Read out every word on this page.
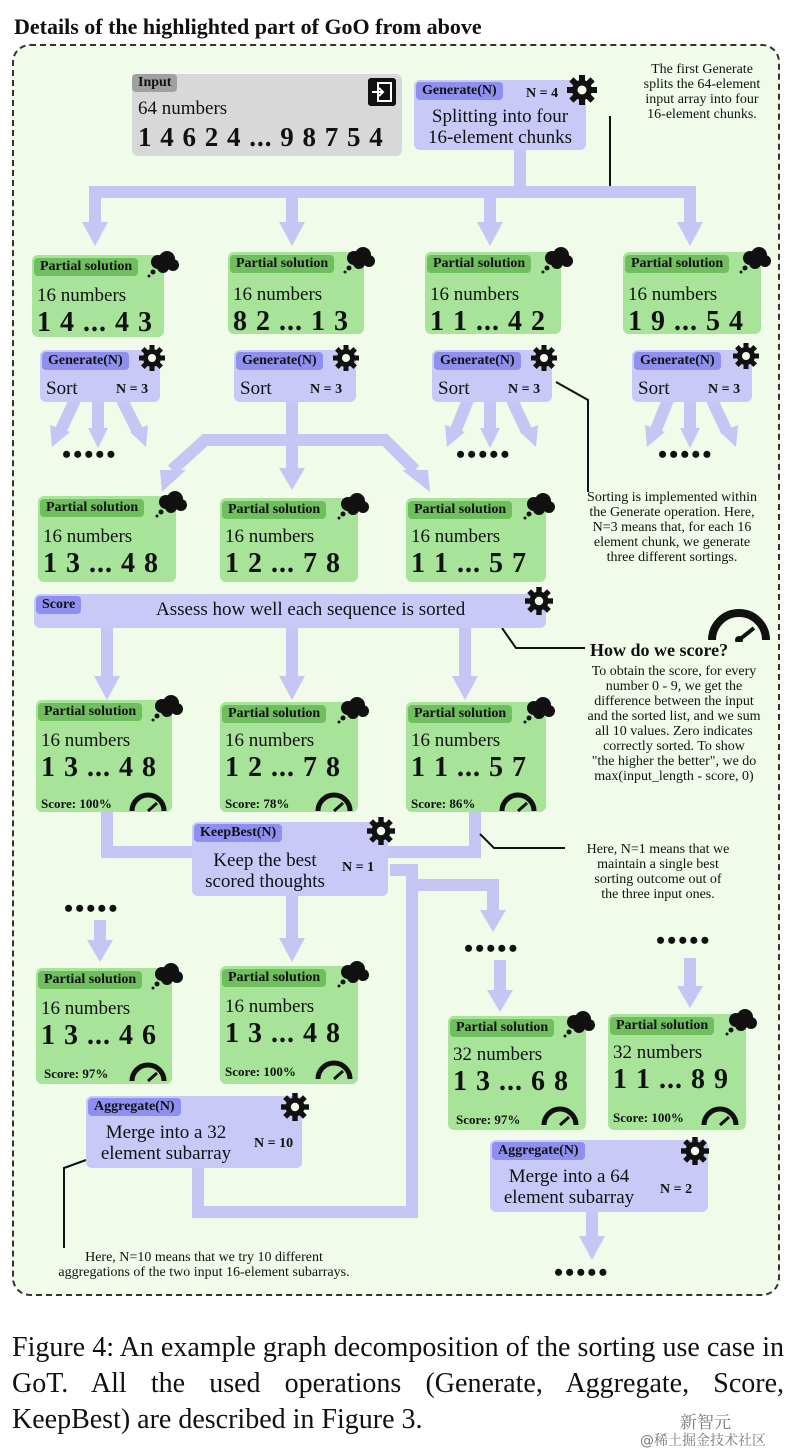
Details of the highlighted part of GoO from above
Input
64 numbers
1 4 6 2 4 ... 9 8 7 5 4
Generate(N)	N = 4
Splitting into four
16-element chunks
The first Generate
splits the 64-element
input array into four
16-element chunks.
Partial solution
16 numbers
1 4 ... 4 3
Partial solution
16 numbers
8 2 ... 1 3
Partial solution
16 numbers
1 1 ... 4 2
Partial solution
16 numbers
1 9 ... 5 4
Generate(N)
Sort	N = 3
Generate(N)
Sort	N = 3
Generate(N)
Sort	N = 3
Generate(N)
Sort	N = 3
•••••	•••••	•••••
Sorting is implemented within
the Generate operation. Here,
N=3 means that, for each 16
element chunk, we generate
three different sortings.
Partial solution
16 numbers
1 3 ... 4 8
Partial solution
16 numbers
1 2 ... 7 8
Partial solution
16 numbers
1 1 ... 5 7
Score	Assess how well each sequence is sorted
How do we score?
To obtain the score, for every
number 0 - 9, we get the
difference between the input
and the sorted list, and we sum
all 10 values. Zero indicates
correctly sorted. To show
"the higher the better", we do
max(input_length - score, 0)
Partial solution
16 numbers
1 3 ... 4 8
Score: 100%
Partial solution
16 numbers
1 2 ... 7 8
Score: 78%
Partial solution
16 numbers
1 1 ... 5 7
Score: 86%
KeepBest(N)
Keep the best
scored thoughts
N = 1
Here, N=1 means that we
maintain a single best
sorting outcome out of
the three input ones.
•••••
•••••	•••••
Partial solution
16 numbers
1 3 ... 4 6
Score: 97%
Partial solution
16 numbers
1 3 ... 4 8
Score: 100%
Aggregate(N)
Merge into a 32
element subarray	N = 10
Here, N=10 means that we try 10 different
aggregations of the two input 16-element subarrays.
Partial solution
32 numbers
1 3 ... 6 8
Score: 97%
Partial solution
32 numbers
1 1 ... 8 9
Score: 100%
Aggregate(N)
Merge into a 64
element subarray	N = 2
•••••
Figure 4: An example graph decomposition of the sorting use case in GoT. All the used operations (Generate, Aggregate, Score, KeepBest) are described in Figure 3.	新智元
@稀土掘金技术社区
